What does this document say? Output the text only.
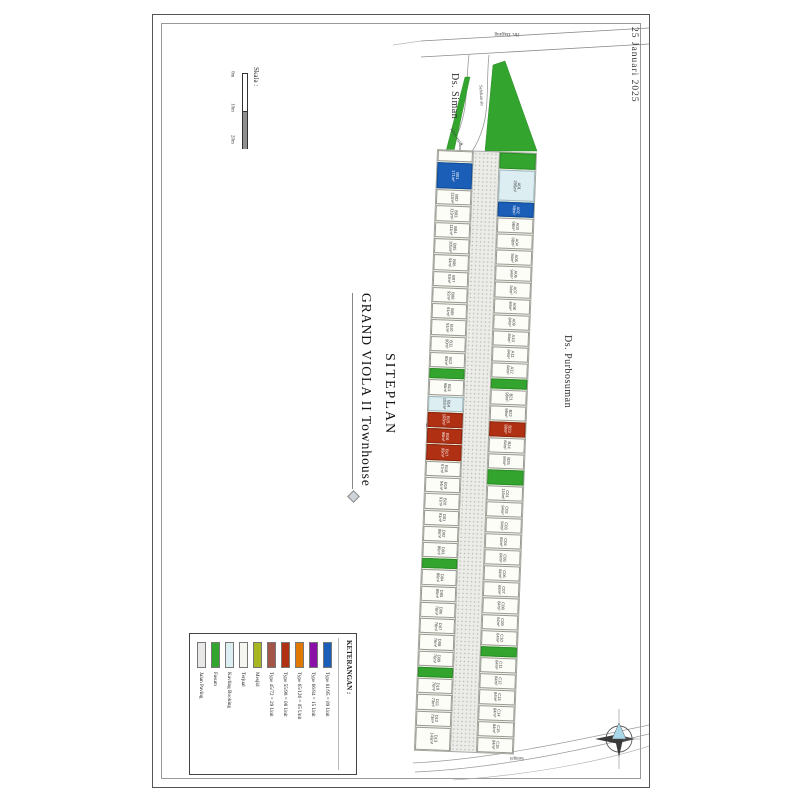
25 Januari 2025
Skala :
0m
10m
20m
SITEPLAN
GRAND VIOLA II Townhouse
Ds. Siman
Ds. Purbosuman
Jln. Dagang
Selokan air
Jalan aspal
Sungai
B01
171m²
B02
113m²
B03
113m²
B04
111m²
B05
105m²
B06
94m²
B07
93m²
B08
92m²
B09
91m²
B10
91m²
B11
90m²
B12
90m²
B13
98m²
B14
102m²
B15
103m²
B16
98m²
B17
95m²
B18
97m²
B19
94m²
B20
91m²
D01
91m²
D02
86m²
D03
86m²
D04
80m²
D05
80m²
D06
78m²
D07
78m²
D08
76m²
D09
76m²
D10
76m²
D11
73m²
D12
73m²
D13
143m²
A01
295m²
A02
98m²
A03
98m²
A04
98m²
A05
94m²
A06
94m²
A07
94m²
A08
84m²
A09
84m²
A10
84m²
A11
84m²
A12
84m²
B21
98m²
B22
98m²
B23
98m²
B24
84m²
B25
84m²
C01
116m²
C02
94m²
C03
94m²
C04
84m²
C05
84m²
C06
84m²
C07
84m²
C08
84m²
C09
64m²
C10
64m²
C11
84m²
C12
84m²
C13
84m²
C14
84m²
C15
84m²
C16
84m²
KETERANGAN :
Type 81/95 = 09 Unit
Type 66/84 = 15 Unit
Type 65/126 = 05 Unit
Type 55/98 = 08 Unit
Type 45/72 = 29 Unit
Mesjid
Terjual
Kavling Booking
Fasum
Jalan Paving
